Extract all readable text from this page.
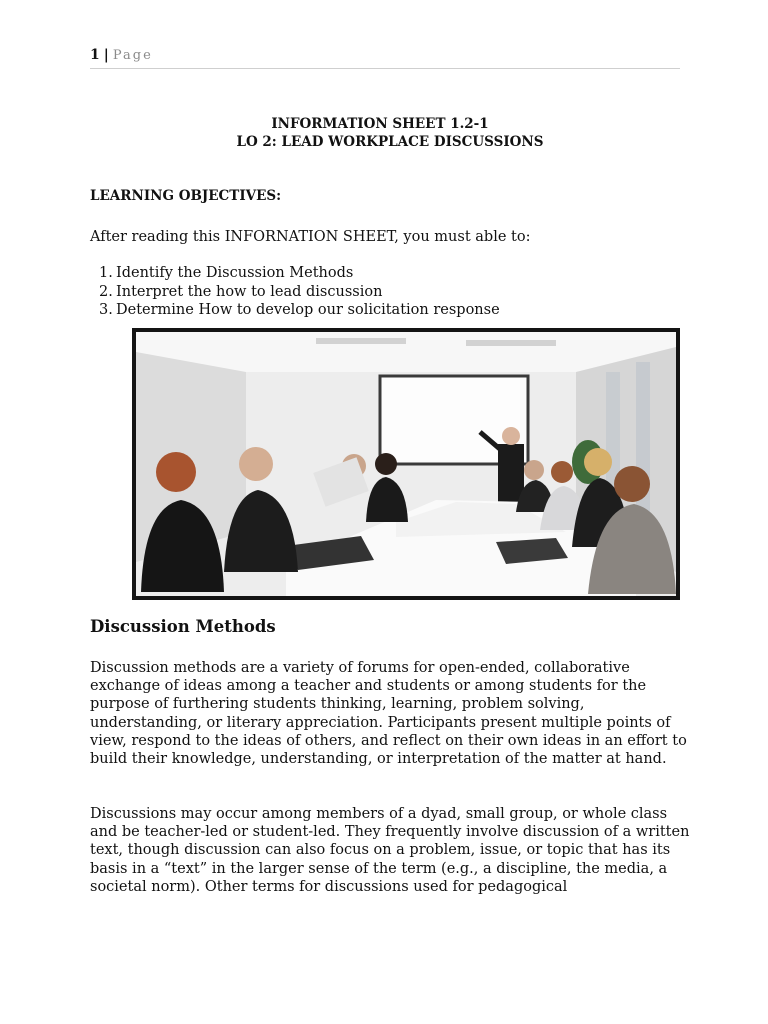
1 | Page
INFORMATION SHEET 1.2-1
LO 2: LEAD WORKPLACE DISCUSSIONS
LEARNING OBJECTIVES:
After reading this INFORNATION SHEET, you must able to:
1. Identify the Discussion Methods
2. Interpret the how to lead discussion
3. Determine How to develop our solicitation response
Discussion Methods

Discussion methods are a variety of forums for open-ended, collaborative exchange of ideas among a teacher and students or among students for the purpose of furthering students thinking, learning, problem solving, understanding, or literary appreciation. Participants present multiple points of view, respond to the ideas of others, and reflect on their own ideas in an effort to build their knowledge, understanding, or interpretation of the matter at hand.

Discussions may occur among members of a dyad, small group, or whole class and be teacher-led or student-led. They frequently involve discussion of a written text, though discussion can also focus on a problem, issue, or topic that has its basis in a “text” in the larger sense of the term (e.g., a discipline, the media, a societal norm). Other terms for discussions used for pedagogical
